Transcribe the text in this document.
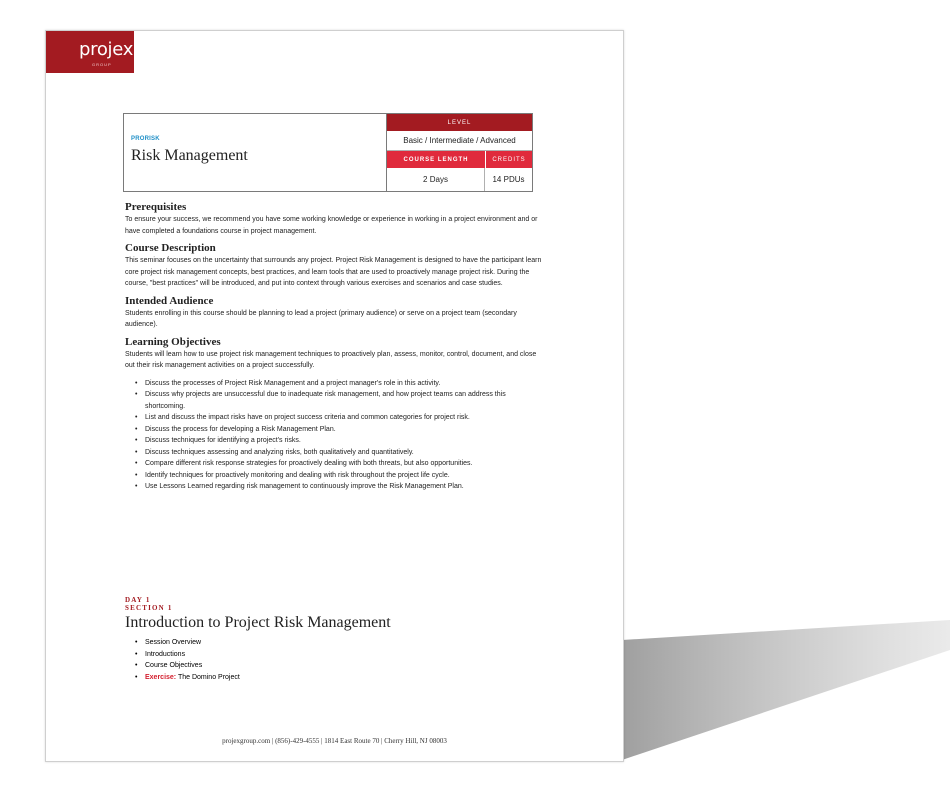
projex
GROUP
PRORISK
Risk Management
LEVEL
Basic / Intermediate / Advanced
COURSE LENGTH	CREDITS
2 Days	14 PDUs
Prerequisites

To ensure your success, we recommend you have some working knowledge or experience in working in a project environment and or have completed a foundations course in project management.

Course Description

This seminar focuses on the uncertainty that surrounds any project. Project Risk Management is designed to have the participant learn core project risk management concepts, best practices, and learn tools that are used to proactively manage project risk. During the course, "best practices" will be introduced, and put into context through various exercises and scenarios and case studies.

Intended Audience

Students enrolling in this course should be planning to lead a project (primary audience) or serve on a project team (secondary audience).

Learning Objectives

Students will learn how to use project risk management techniques to proactively plan, assess, monitor, control, document, and close out their risk management activities on a project successfully.

• Discuss the processes of Project Risk Management and a project manager's role in this activity.
• Discuss why projects are unsuccessful due to inadequate risk management, and how project teams can address this shortcoming.
• List and discuss the impact risks have on project success criteria and common categories for project risk.
• Discuss the process for developing a Risk Management Plan.
• Discuss techniques for identifying a project's risks.
• Discuss techniques assessing and analyzing risks, both qualitatively and quantitatively.
• Compare different risk response strategies for proactively dealing with both threats, but also opportunities.
• Identify techniques for proactively monitoring and dealing with risk throughout the project life cycle.
• Use Lessons Learned regarding risk management to continuously improve the Risk Management Plan.
DAY 1
SECTION 1
Introduction to Project Risk Management
• Session Overview
• Introductions
• Course Objectives
• Exercise: The Domino Project
projexgroup.com | (856)-429-4555 | 1814 East Route 70 | Cherry Hill, NJ 08003
